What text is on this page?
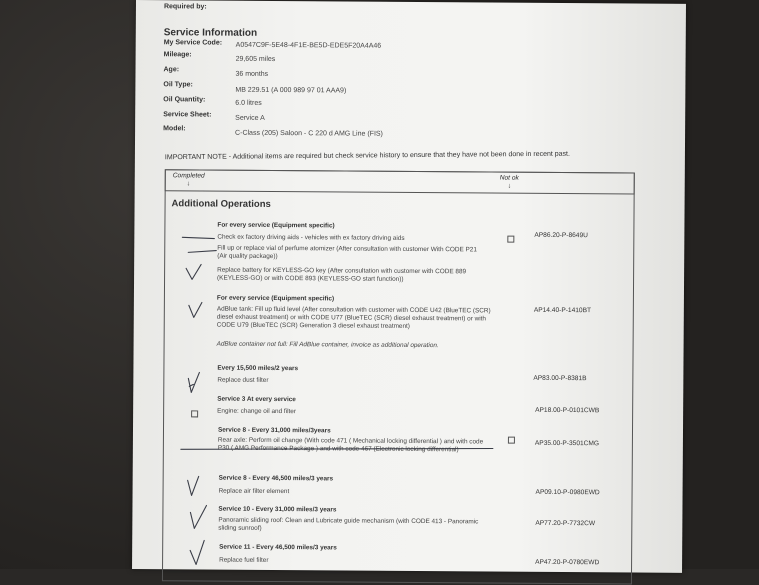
Required by:
Service Information
My Service Code: A0547C9F-5E48-4F1E-BE5D-EDE5F20A4A46
Mileage:
29,605 miles
Age:
36 months
Oil Type:
MB 229.51 (A 000 989 97 01 AAA9)
Oil Quantity:	6.0 litres
Service Sheet:	Service A
Model:
C-Class (205) Saloon - C 220 d AMG Line (FIS)
IMPORTANT NOTE - Additional items are required but check service history to ensure that they have not been done in recent past.
Completed
↓
Not ok
↓
Additional Operations
For every service (Equipment specific)
Check ex factory driving aids - vehicles with ex factory driving aids	AP86.20-P-8649U
Fill up or replace vial of perfume atomizer (After consultation with customer With CODE P21 (Air quality package))
Replace battery for KEYLESS-GO key (After consultation with customer with CODE 889 (KEYLESS-GO) or with CODE 893 (KEYLESS-GO start function))
For every service (Equipment specific)
AdBlue tank: Fill up fluid level (After consultation with customer with CODE U42 (BlueTEC (SCR) diesel exhaust treatment) or with CODE U77 (BlueTEC (SCR) diesel exhaust treatment) or with CODE U79 (BlueTEC (SCR) Generation 3 diesel exhaust treatment)
AP14.40-P-1410BT
AdBlue container not full: Fill AdBlue container, invoice as additional operation.
Every 15,500 miles/2 years
Replace dust filter	AP83.00-P-8381B
Service 3 At every service
Engine: change oil and filter	AP18.00-P-0101CWB
Service 8 - Every 31,000 miles/3years
Rear axle: Perform oil change (With code 471 ( Mechanical locking differential ) and with code P30 ( AMG Performance Package ) and with code 467 (Electronic locking differential)
AP35.00-P-3501CMG
Service 8 - Every 46,500 miles/3 years
Replace air filter element	AP09.10-P-0980EWD
Service 10 - Every 31,000 miles/3 years
Panoramic sliding roof: Clean and Lubricate guide mechanism (with CODE 413 - Panoramic sliding sunroof)
AP77.20-P-7732CW
Service 11 - Every 46,500 miles/3 years
Replace fuel filter	AP47.20-P-0780EWD
